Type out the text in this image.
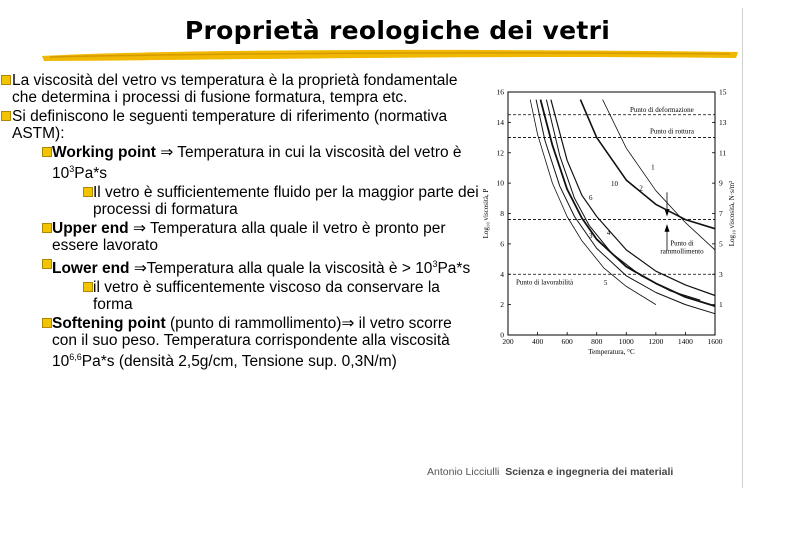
Proprietà reologiche dei vetri
La viscosità del vetro vs temperatura è la proprietà fondamentale che determina i processi di fusione formatura, tempra etc.
Si definiscono le seguenti temperature di riferimento (normativa ASTM):
Working point ⇒ Temperatura in cui la viscosità del vetro è $10^3Pa*s$
Il vetro è sufficientemente fluido per la maggior parte dei processi di formatura
Upper end ⇒ Temperatura alla quale il vetro è pronto per essere lavorato
Lower end ⇒Temperatura alla quale la viscosità è > $10^3Pa*s$
il vetro è sufficentemente viscoso da conservare la forma
Softening point (punto di rammollimento)⇒ il vetro scorre con il suo peso. Temperatura corrispondente alla viscosità 10$^{6,6}$Pa*s (densità 2,5g/cm, Tensione sup. 0,3N/m)
200 400 600 800 1000 1200 1400 1600
0
2
4
6
8
10
12
14
16
1
3
5
7
9
11
13
15
Punto di deformazione
Punto di rottura
Punto di
rammollimento
Punto di lavorabilità
1
2
10
6
4
3
5
Temperatura, °C
Log₁₀ viscosità, P	Log₁₀ viscosità, N·s/m²
Antonio Licciulli Scienza e ingegneria dei materiali
